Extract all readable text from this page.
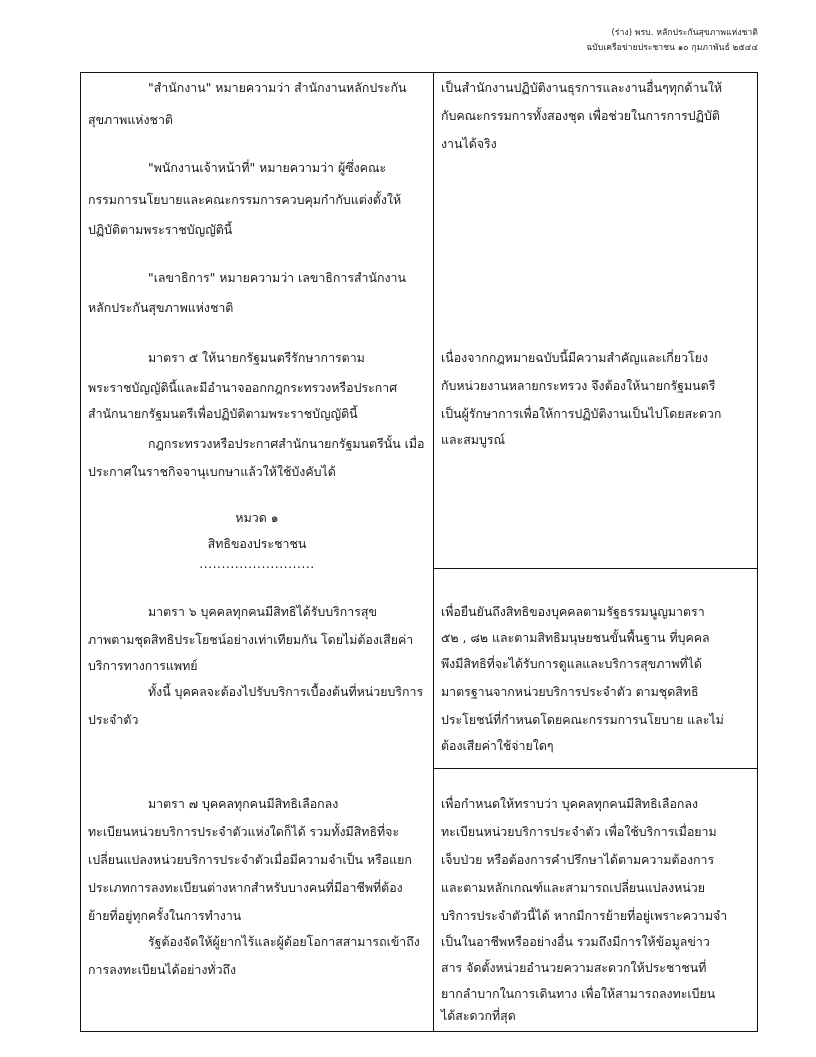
(ร่าง) พรบ. หลักประกันสุขภาพแห่งชาติ
ฉบับเครือข่ายประชาชน ๑๐ กุมภาพันธ์ ๒๕๔๔

"สำนักงาน" หมายความว่า สำนักงานหลักประกัน

สุขภาพแห่งชาติ

"พนักงานเจ้าหน้าที่" หมายความว่า ผู้ซึ่งคณะ

กรรมการนโยบายและคณะกรรมการควบคุมกำกับแต่งตั้งให้

ปฏิบัติตามพระราชบัญญัตินี้

"เลขาธิการ" หมายความว่า เลขาธิการสำนักงาน

หลักประกันสุขภาพแห่งชาติ

มาตรา ๕ ให้นายกรัฐมนตรีรักษาการตาม

พระราชบัญญัตินี้และมีอำนาจออกกฎกระทรวงหรือประกาศ

สำนักนายกรัฐมนตรีเพื่อปฏิบัติตามพระราชบัญญัตินี้

กฎกระทรวงหรือประกาศสำนักนายกรัฐมนตรีนั้น เมื่อ

ประกาศในราชกิจจานุเบกษาแล้วให้ใช้บังคับได้

หมวด ๑

สิทธิของประชาชน

..........................

มาตรา ๖ บุคคลทุกคนมีสิทธิได้รับบริการสุข

ภาพตามชุดสิทธิประโยชน์อย่างเท่าเทียมกัน โดยไม่ต้องเสียค่า

บริการทางการแพทย์

ทั้งนี้ บุคคลจะต้องไปรับบริการเบื้องต้นที่หน่วยบริการ

ประจำตัว

มาตรา ๗ บุคคลทุกคนมีสิทธิเลือกลง

ทะเบียนหน่วยบริการประจำตัวแห่งใดก็ได้ รวมทั้งมีสิทธิที่จะ

เปลี่ยนแปลงหน่วยบริการประจำตัวเมื่อมีความจำเป็น หรือแยก

ประเภทการลงทะเบียนต่างหากสำหรับบางคนที่มีอาชีพที่ต้อง

ย้ายที่อยู่ทุกครั้งในการทำงาน

รัฐต้องจัดให้ผู้ยากไร้และผู้ด้อยโอกาสสามารถเข้าถึง

การลงทะเบียนได้อย่างทั่วถึง

เป็นสำนักงานปฏิบัติงานธุรการและงานอื่นๆทุกด้านให้

กับคณะกรรมการทั้งสองชุด เพื่อช่วยในการการปฏิบัติ

งานได้จริง

เนื่องจากกฎหมายฉบับนี้มีความสำคัญและเกี่ยวโยง

กับหน่วยงานหลายกระทรวง จึงต้องให้นายกรัฐมนตรี

เป็นผู้รักษาการเพื่อให้การปฏิบัติงานเป็นไปโดยสะดวก

และสมบูรณ์

เพื่อยืนยันถึงสิทธิของบุคคลตามรัฐธรรมนูญมาตรา

๕๒ , ๘๒ และตามสิทธิมนุษยชนขั้นพื้นฐาน ที่บุคคล

พึงมีสิทธิที่จะได้รับการดูแลและบริการสุขภาพที่ได้

มาตรฐานจากหน่วยบริการประจำตัว ตามชุดสิทธิ

ประโยชน์ที่กำหนดโดยคณะกรรมการนโยบาย และไม่

ต้องเสียค่าใช้จ่ายใดๆ

เพื่อกำหนดให้ทราบว่า บุคคลทุกคนมีสิทธิเลือกลง

ทะเบียนหน่วยบริการประจำตัว เพื่อใช้บริการเมื่อยาม

เจ็บป่วย หรือต้องการคำปรึกษาได้ตามความต้องการ

และตามหลักเกณฑ์และสามารถเปลี่ยนแปลงหน่วย

บริการประจำตัวนี้ได้ หากมีการย้ายที่อยู่เพราะความจำ

เป็นในอาชีพหรืออย่างอื่น รวมถึงมีการให้ข้อมูลข่าว

สาร จัดตั้งหน่วยอำนวยความสะดวกให้ประชาชนที่

ยากลำบากในการเดินทาง เพื่อให้สามารถลงทะเบียน

ได้สะดวกที่สุด
